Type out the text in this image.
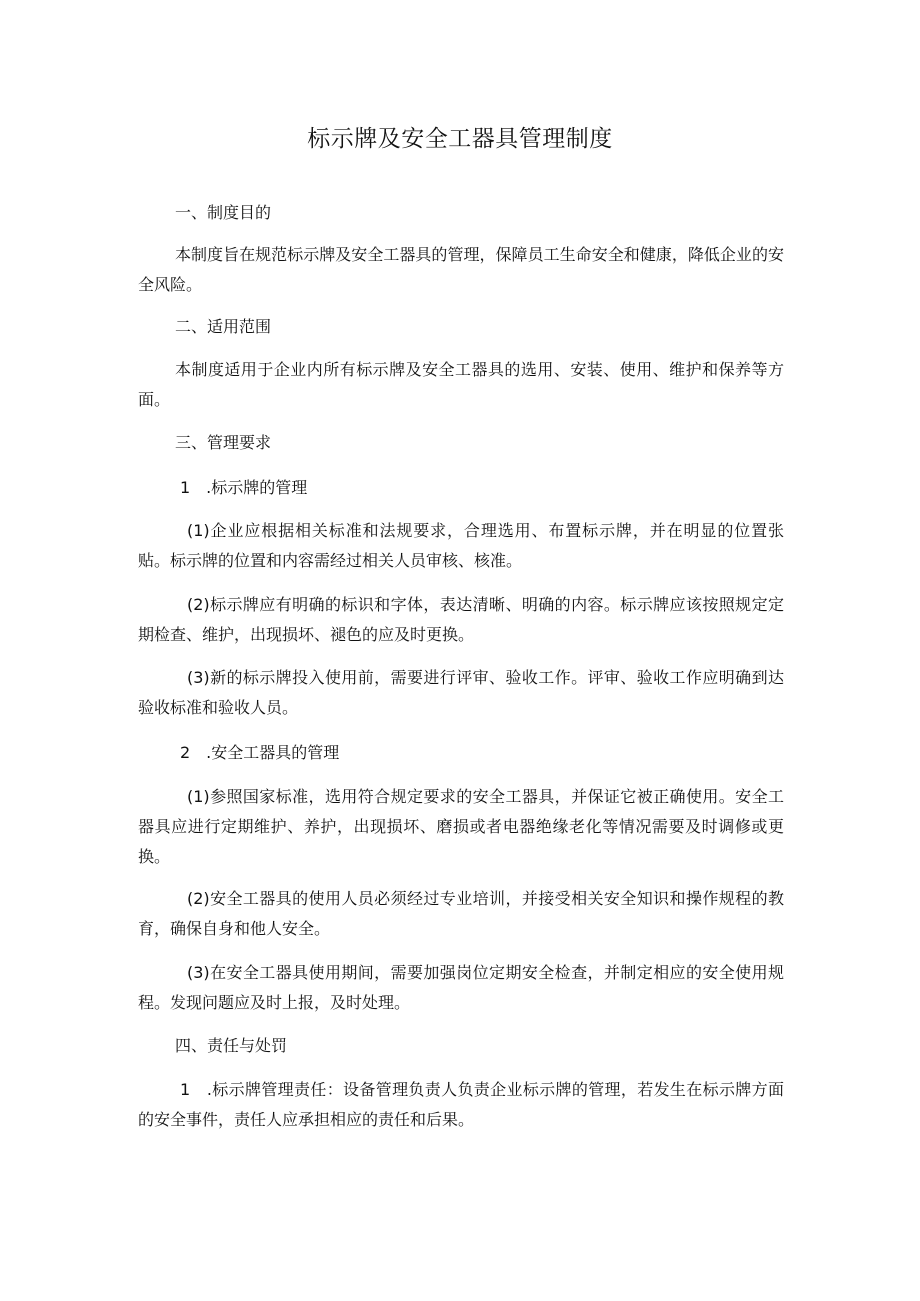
标示牌及安全工器具管理制度

一、制度目的

本制度旨在规范标示牌及安全工器具的管理，保障员工生命安全和健康，降低企业的安全风险。

二、适用范围

本制度适用于企业内所有标示牌及安全工器具的选用、安装、使用、维护和保养等方面。

三、管理要求

1　.标示牌的管理

(1)企业应根据相关标准和法规要求，合理选用、布置标示牌，并在明显的位置张贴。标示牌的位置和内容需经过相关人员审核、核准。

(2)标示牌应有明确的标识和字体，表达清晰、明确的内容。标示牌应该按照规定定期检查、维护，出现损坏、褪色的应及时更换。

(3)新的标示牌投入使用前，需要进行评审、验收工作。评审、验收工作应明确到达验收标准和验收人员。

2　.安全工器具的管理

(1)参照国家标准，选用符合规定要求的安全工器具，并保证它被正确使用。安全工器具应进行定期维护、养护，出现损坏、磨损或者电器绝缘老化等情况需要及时调修或更换。

(2)安全工器具的使用人员必须经过专业培训，并接受相关安全知识和操作规程的教育，确保自身和他人安全。

(3)在安全工器具使用期间，需要加强岗位定期安全检查，并制定相应的安全使用规程。发现问题应及时上报，及时处理。

四、责任与处罚

1　.标示牌管理责任：设备管理负责人负责企业标示牌的管理，若发生在标示牌方面的安全事件，责任人应承担相应的责任和后果。
